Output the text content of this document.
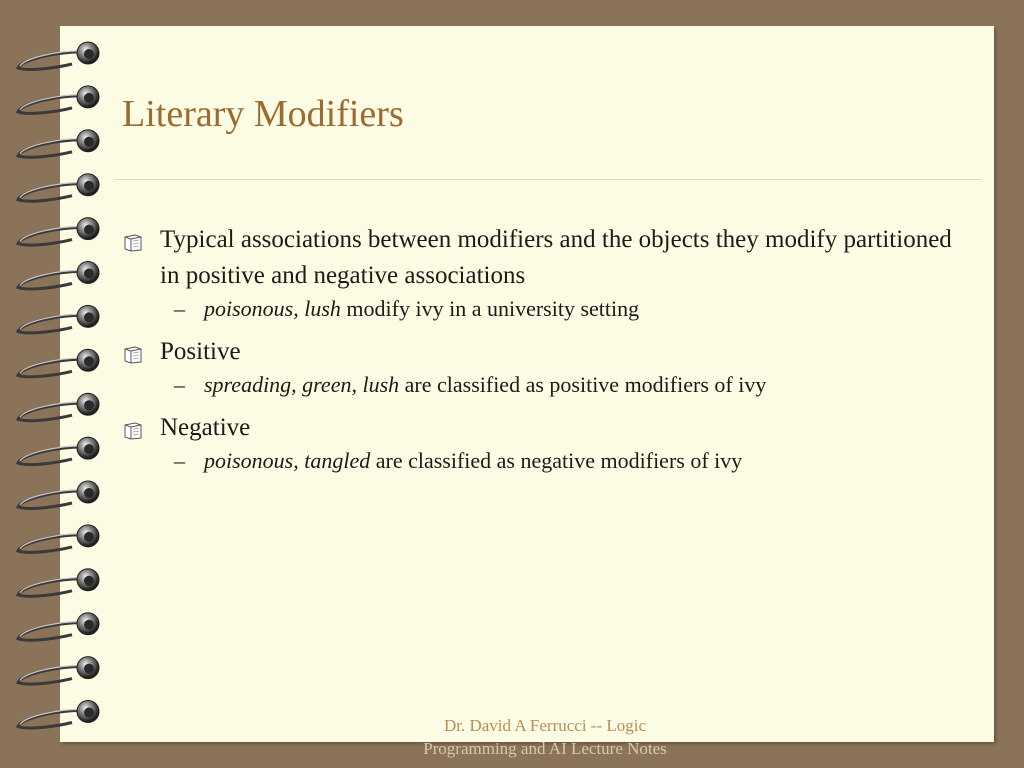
Literary Modifiers
Typical associations between modifiers and the objects they modify partitioned in positive and negative associations
– poisonous, lush modify ivy in a university setting
Positive
– spreading, green, lush are classified as positive modifiers of ivy
Negative
– poisonous, tangled are classified as negative modifiers of ivy
Dr. David A Ferrucci -- Logic
Programming and AI Lecture Notes
